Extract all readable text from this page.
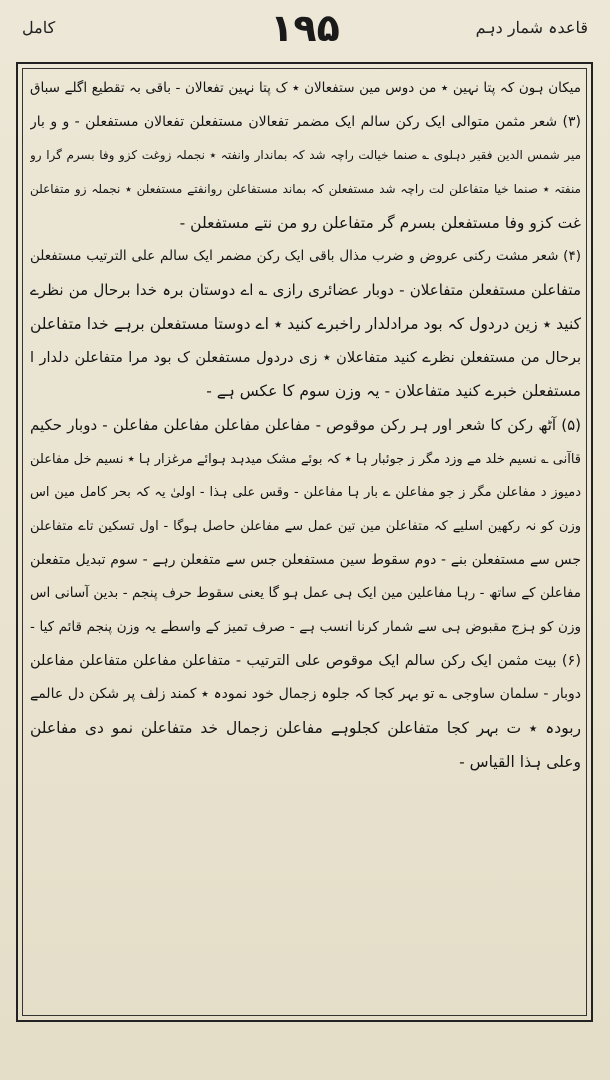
کامل	۱۹۵	قاعدہ شمار دہم
میکان ہون کہ پتا نہین ٭ من دوس مین ستفعالان ٭ ک پتا نہین تفعالان - باقی بہ تقطیع اگلے سباق
(۳) شعر مثمن متوالی ایک رکن سالم ایک مضمر تفعالان مستفعلن تفعالان مستفعلن - و و بار
میر شمس الدین فقیر دہلوی ؎ صنما خیالت راچہ شد کہ بماندار وانفتہ ٭ نجملہ زوغت کزو وفا بسرم گرا رو
منفتہ ٭ صنما خیا متفاعلن لت راچہ شد مستفعلن کہ بماند مستفاعلن روانفتے مستفعلن ٭ نجملہ زو متفاعلن
غت کزو وفا مستفعلن بسرم گر متفاعلن رو من نتے مستفعلن -
(۴) شعر مشت رکنی عروض و ضرب مذال باقی ایک رکن مضمر ایک سالم علی الترتیب مستفعلن
متفاعلن مستفعلن متفاعلان - دوبار عضائری رازی ؎ اے دوستان برہ خدا برحال من نظرے
کنید ٭ زین دردول کہ بود مرادلدار راخبرے کنید ٭ اے دوستا مستفعلن برہے خدا متفاعلن
برحال من مستفعلن نظرے کنید متفاعلان ٭ زی دردول مستفعلن ک بود مرا متفاعلن دلدار ا
مستفعلن خبرے کنید متفاعلان - یہ وزن سوم کا عکس ہے -
(۵) آٹھ رکن کا شعر اور ہر رکن موقوص - مفاعلن مفاعلن مفاعلن مفاعلن - دوبار حکیم
قاآنی ؎ نسیم خلد مے وزد مگر ز جوئبار ہا ٭ کہ بوئے مشک میدہد ہوائے مرغزار ہا ٭ نسیم خل مفاعلن
دمیوز د مفاعلن مگر ز جو مفاعلن ے بار ہا مفاعلن - وقس علی ہذا - اولیٰ یہ کہ بحر کامل مین اس
وزن کو نہ رکھین اسلیے کہ متفاعلن مین تین عمل سے مفاعلن حاصل ہوگا - اول تسکین تاے متفاعلن
جس سے مستفعلن بنے - دوم سقوط سین مستفعلن جس سے متفعلن رہے - سوم تبدیل متفعلن
مفاعلن کے ساتھ - رہا مفاعلین مین ایک ہی عمل ہو گا یعنی سقوط حرف پنجم - بدین آسانی اس
وزن کو ہزج مقبوض ہی سے شمار کرنا انسب ہے - صرف تمیز کے واسطے یہ وزن پنجم قائم کیا -
(۶) بیت مثمن ایک رکن سالم ایک موقوص علی الترتیب - متفاعلن مفاعلن متفاعلن مفاعلن
دوبار - سلمان ساوجی ؎ تو بہر کجا کہ جلوہ زجمال خود نمودہ ٭ کمند زلف پر شکن دل عالمے
ربودہ ٭ ت بہر کجا متفاعلن کجلوہے مفاعلن زجمال خد متفاعلن نمو دی مفاعلن
وعلی ہذا القیاس -
